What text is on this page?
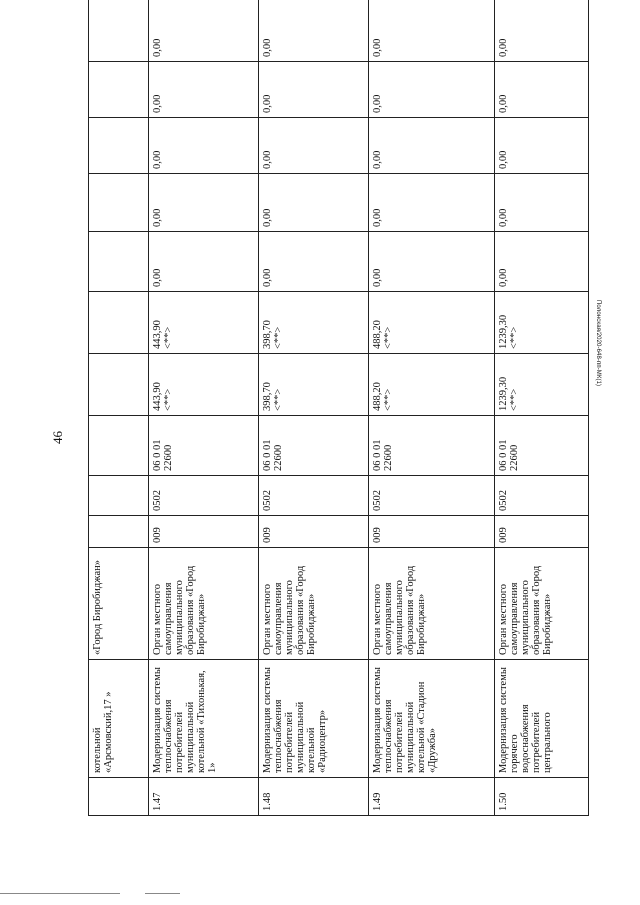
46

	котельной «Арсмовский,17 »	«Город Биробиджан»										

1.47	Модернизация системы теплоснабжения потребителей муниципальной котельной «Тихонькая, 1»	Орган местного самоуправления муниципального образования «Город Биробиджан»	009	0502	06 0 01 22600	443,90 <**>	443,90 <**>	0,00	0,00	0,00	0,00	0,00
1.48	Модернизация системы теплоснабжения потребителей муниципальной котельной «Радиоцентр»	Орган местного самоуправления муниципального образования «Город Биробиджан»	009	0502	06 0 01 22600	398,70 <**>	398,70 <**>	0,00	0,00	0,00	0,00	0,00
1.49	Модернизация системы теплоснабжения потребителей муниципальной котельной «Стадион «Дружба»	Орган местного самоуправления муниципального образования «Город Биробиджан»	009	0502	06 0 01 22600	488,20 <**>	488,20 <**>	0,00	0,00	0,00	0,00	0,00
1.50	Модернизация системы горячего водоснабжения потребителей центрального	Орган местного самоуправления муниципального образования «Город Биробиджан»	009	0502	06 0 01 22600	1239,30 <**>	1239,30 <**>	0,00	0,00	0,00	0,00	0,00
Полонская/2020-648-пп-МК(1)
